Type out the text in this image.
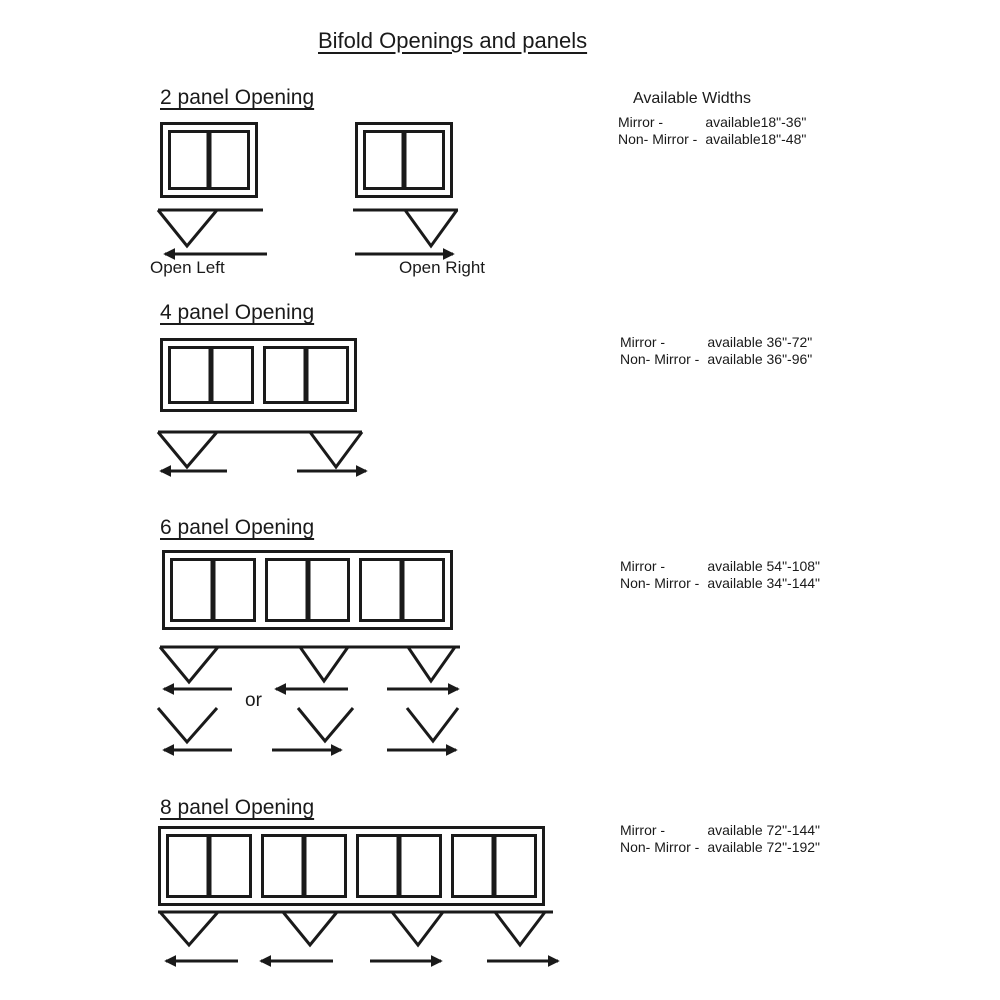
Bifold Openings and panels
2 panel Opening
Open Left	Open Right
4 panel Opening
6 panel Opening
or
8 panel Opening
Available Widths
Mirror -	available18"-36"
Non- Mirror -	available18"-48"
Mirror -	available 36"-72"
Non- Mirror -	available 36"-96"
Mirror -	available 54"-108"
Non- Mirror -	available 34"-144"
Mirror -	available 72"-144"
Non- Mirror -	available 72"-192"
